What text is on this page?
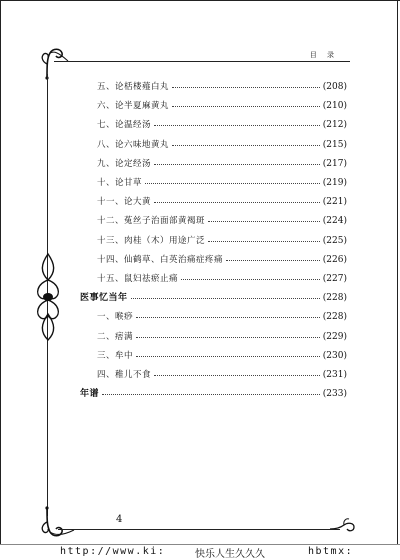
目 录
五、论栝楼薤白丸	(208)
六、论半夏麻黄丸	(210)
七、论温经汤	(212)
八、论六味地黄丸	(215)
九、论定经汤	(217)
十、论甘草	(219)
十一、论大黄	(221)
十二、菟丝子治面部黄褐斑	(224)
十三、肉桂（木）用途广泛	(225)
十四、仙鹤草、白英治痛症疼痛	(226)
十五、鼠妇祛瘀止痛	(227)
医事忆当年	(228)
一、喉痧	(228)
二、痞满	(229)
三、牟中	(230)
四、稚儿不食	(231)
年谱	(233)
4
http://www.ki:	快乐人生久久久	hbtmx:
